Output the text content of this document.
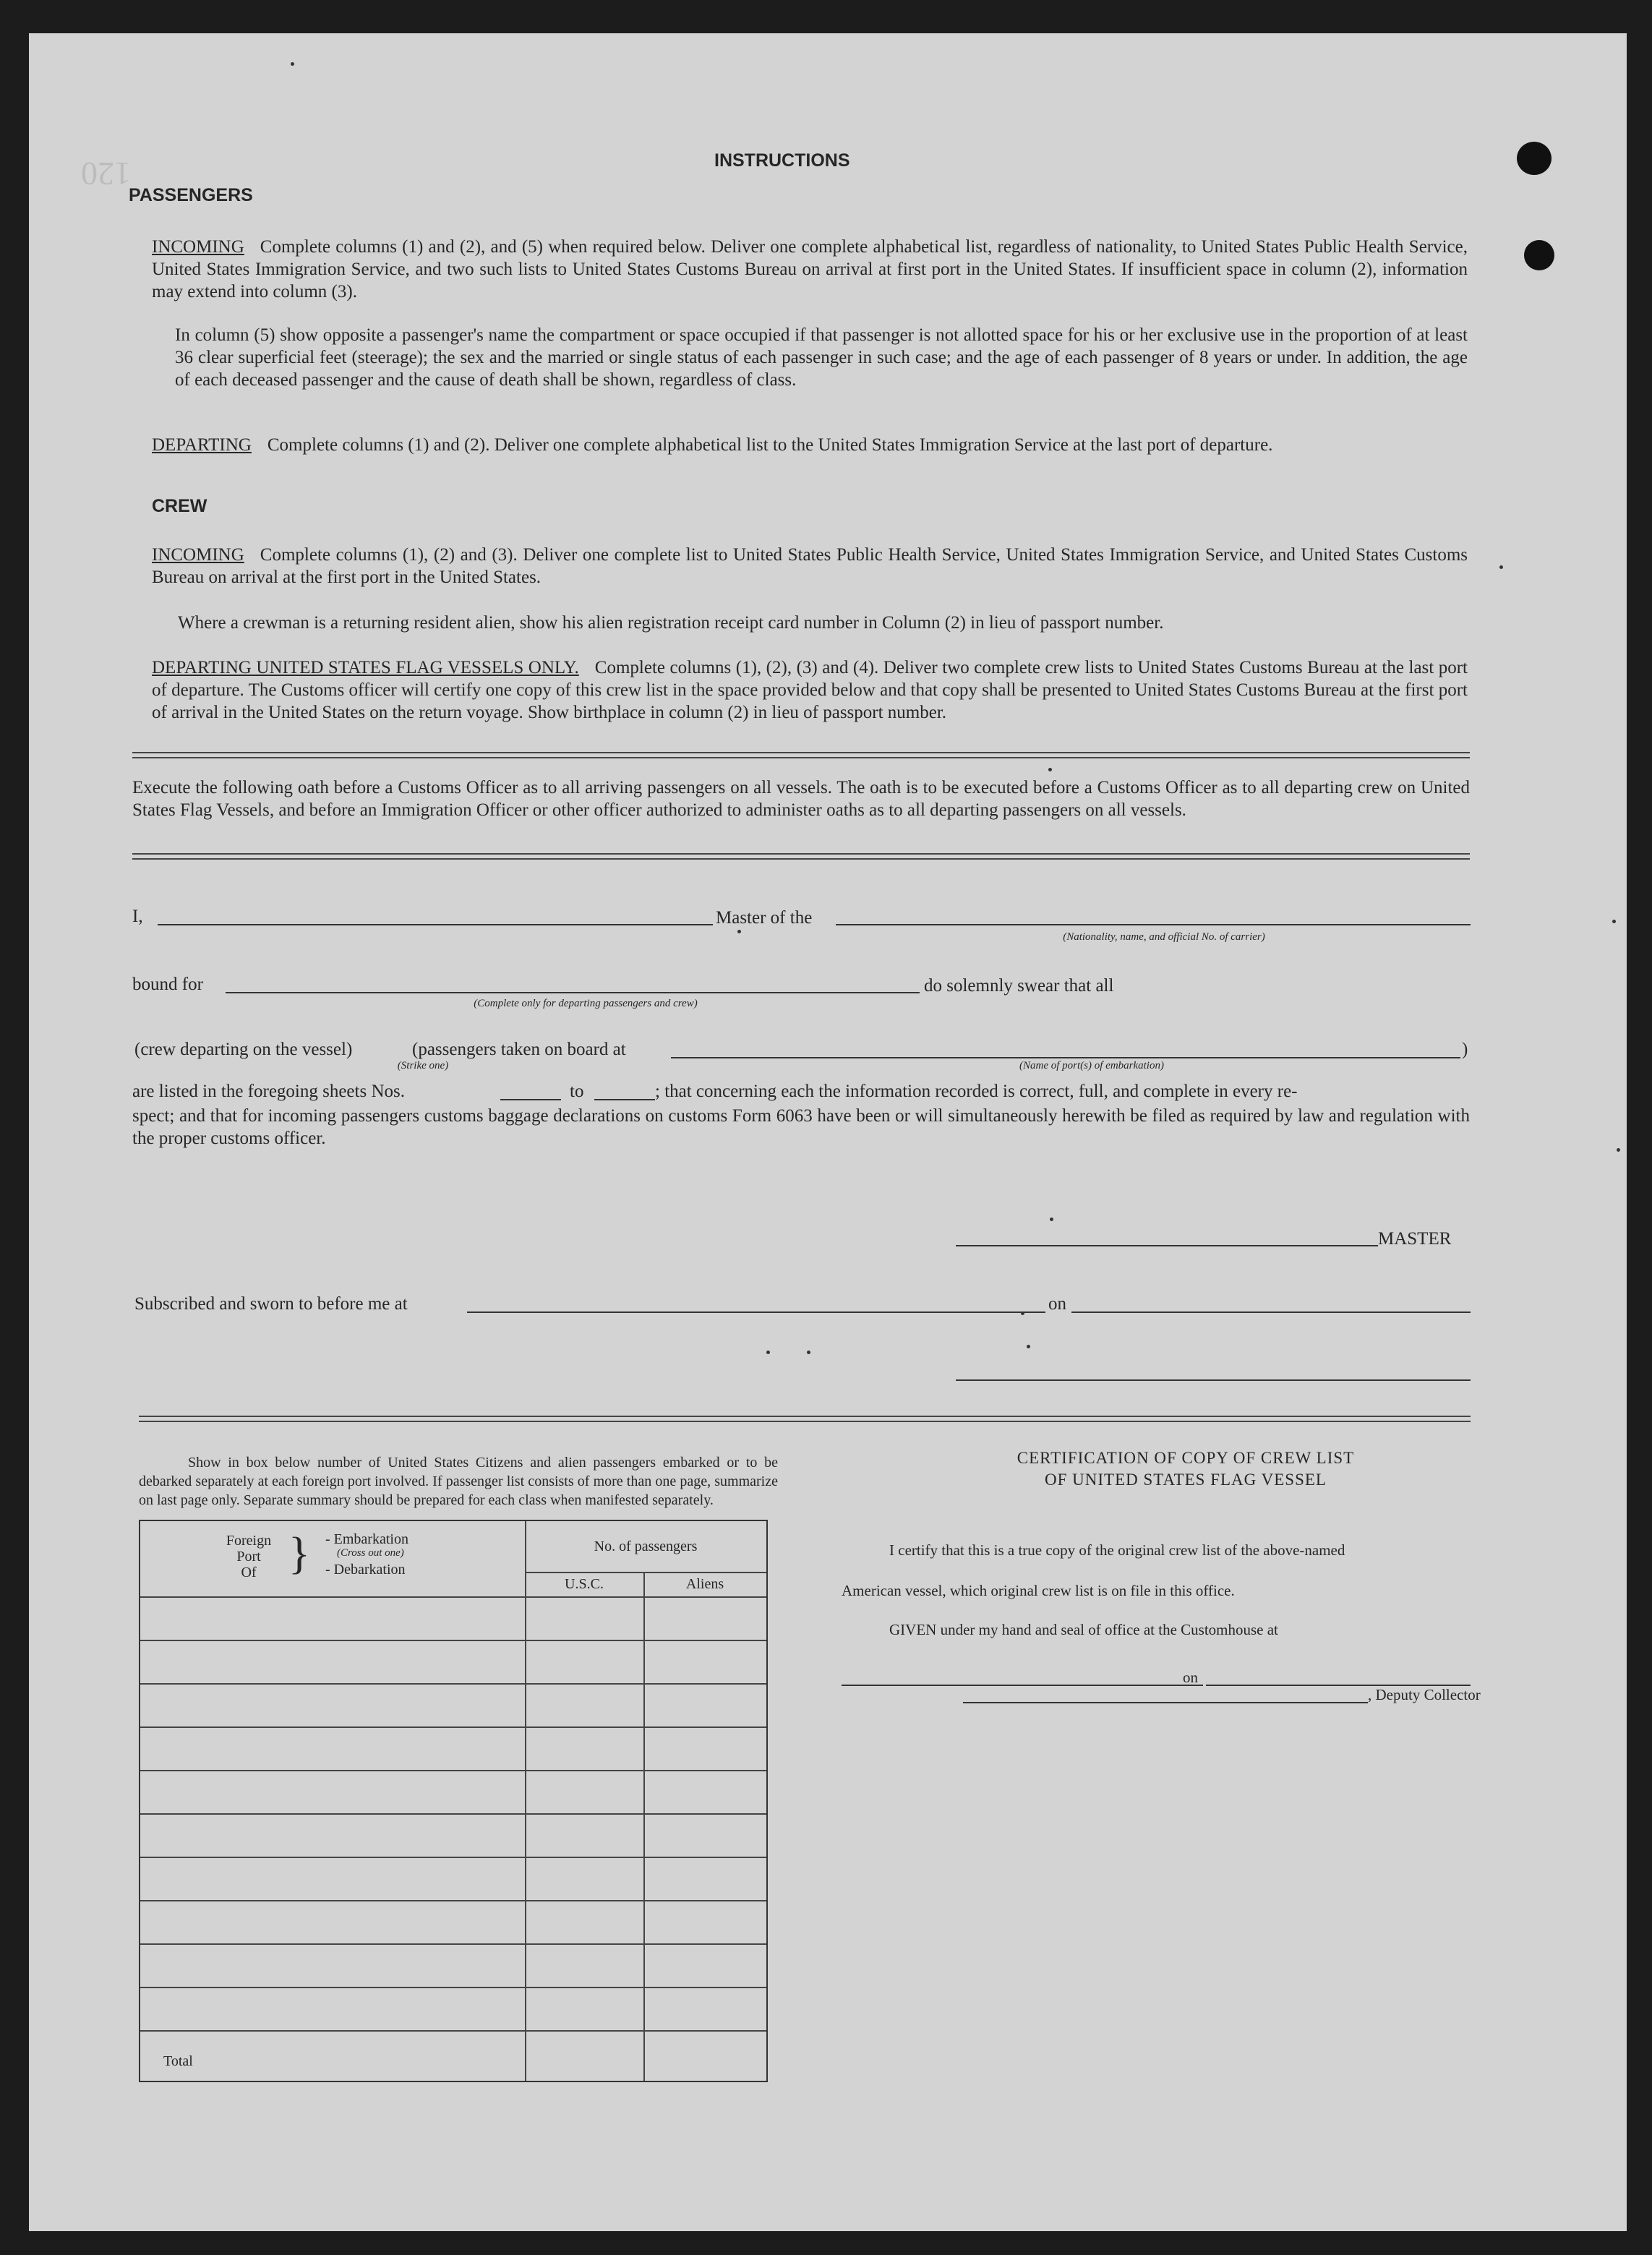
120	INSTRUCTIONS
PASSENGERS
INCOMING Complete columns (1) and (2), and (5) when required below. Deliver one complete alphabetical list, regardless of nationality, to United States Public Health Service, United States Immigration Service, and two such lists to United States Customs Bureau on arrival at first port in the United States. If insufficient space in column (2), information may extend into column (3).
In column (5) show opposite a passenger's name the compartment or space occupied if that passenger is not allotted space for his or her exclusive use in the proportion of at least 36 clear superficial feet (steerage); the sex and the married or single status of each passenger in such case; and the age of each passenger of 8 years or under. In addition, the age of each deceased passenger and the cause of death shall be shown, regardless of class.
DEPARTING Complete columns (1) and (2). Deliver one complete alphabetical list to the United States Immigration Service at the last port of departure.
CREW
INCOMING Complete columns (1), (2) and (3). Deliver one complete list to United States Public Health Service, United States Immigration Service, and United States Customs Bureau on arrival at the first port in the United States.
Where a crewman is a returning resident alien, show his alien registration receipt card number in Column (2) in lieu of passport number.
DEPARTING UNITED STATES FLAG VESSELS ONLY. Complete columns (1), (2), (3) and (4). Deliver two complete crew lists to United States Customs Bureau at the last port of departure. The Customs officer will certify one copy of this crew list in the space provided below and that copy shall be presented to United States Customs Bureau at the first port of arrival in the United States on the return voyage. Show birthplace in column (2) in lieu of passport number.
Execute the following oath before a Customs Officer as to all arriving passengers on all vessels. The oath is to be executed before a Customs Officer as to all departing crew on United States Flag Vessels, and before an Immigration Officer or other officer authorized to administer oaths as to all departing passengers on all vessels.
I,	Master of the
(Nationality, name, and official No. of carrier)
bound for
(Complete only for departing passengers and crew)
do solemnly swear that all
(crew departing on the vessel)	(passengers taken on board at	)
(Strike one)	(Name of port(s) of embarkation)
are listed in the foregoing sheets Nos.	to	; that concerning each the information recorded is correct, full, and complete in every re-
spect; and that for incoming passengers customs baggage declarations on customs Form 6063 have been or will simultaneously herewith be filed as required by law and regulation with the proper customs officer.
MASTER
Subscribed and sworn to before me at	on
Show in box below number of United States Citizens and alien passengers embarked or to be debarked separately at each foreign port involved. If passenger list consists of more than one page, summarize on last page only. Separate summary should be prepared for each class when manifested separately.
Foreign
Port
Of } - Embarkation
(Cross out one)
- Debarkation
No. of passengers
U.S.C.	Aliens
Total
CERTIFICATION OF COPY OF CREW LIST
OF UNITED STATES FLAG VESSEL
I certify that this is a true copy of the original crew list of the above-named
American vessel, which original crew list is on file in this office.
GIVEN under my hand and seal of office at the Customhouse at
on
, Deputy Collector
